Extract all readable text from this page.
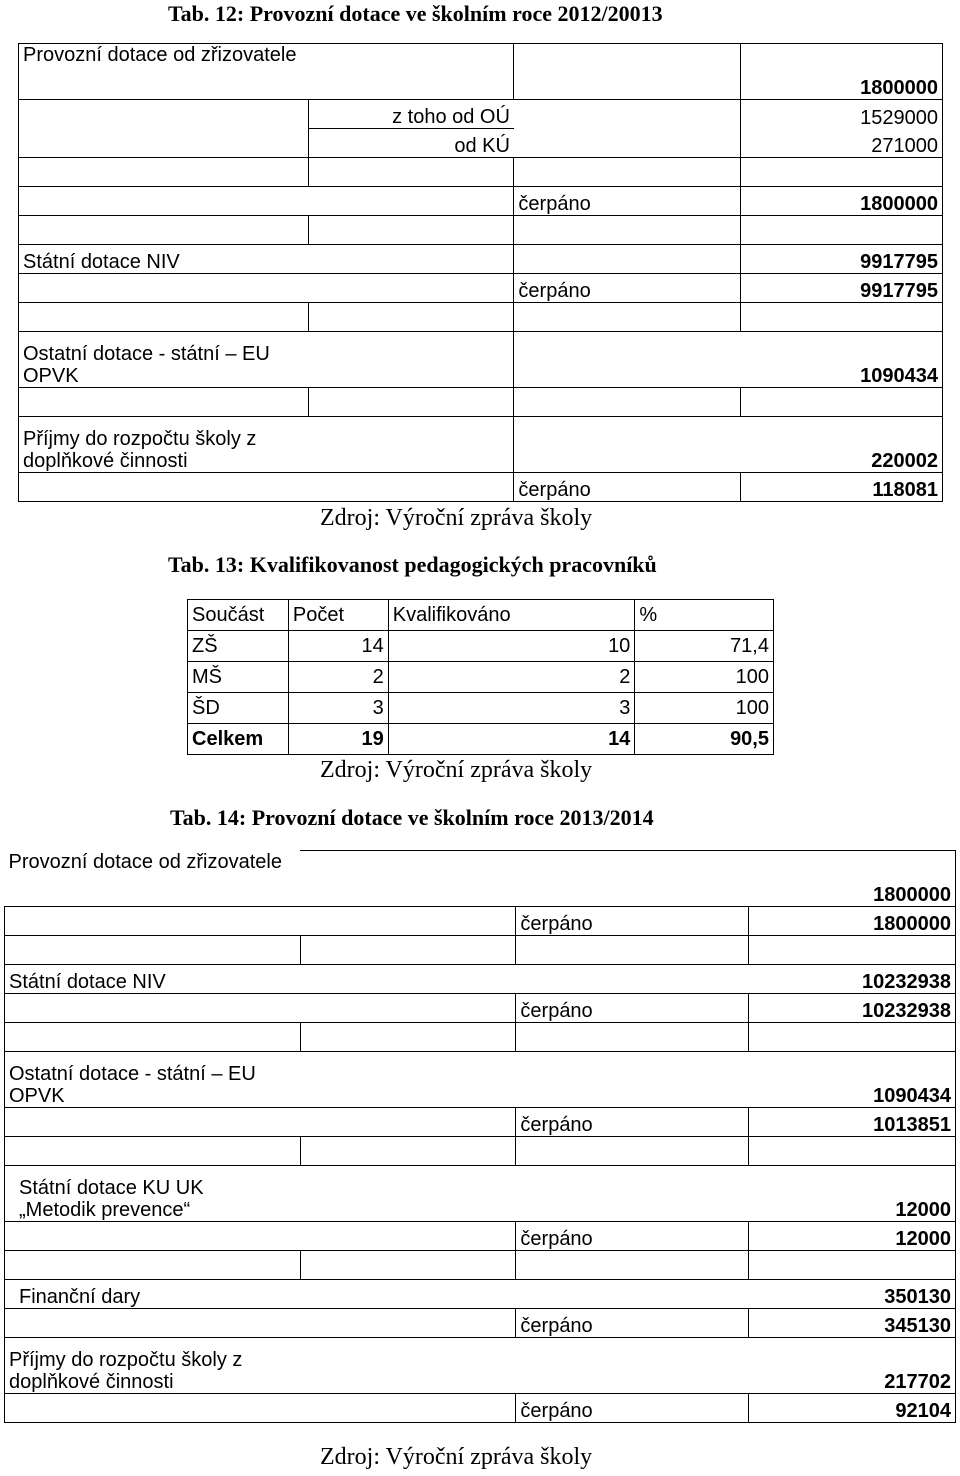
Tab. 12: Provozní dotace ve školním roce 2012/20013
Provozní dotace od zřizovatele			1800000
	z toho od OÚ		1529000
	od KÚ		271000

		čerpáno	1800000

Státní dotace NIV			9917795
		čerpáno	9917795

Ostatní dotace - státní – EU OPVK			1090434

Příjmy do rozpočtu školy z doplňkové činnosti			220002
		čerpáno	118081
Zdroj: Výroční zpráva školy
Tab. 13: Kvalifikovanost pedagogických pracovníků
Součást	Počet	Kvalifikováno	%
ZŠ	14	10	71,4
MŠ	2	2	100
ŠD	3	3	100
Celkem	19	14	90,5
Zdroj: Výroční zpráva školy
Tab. 14: Provozní dotace ve školním roce 2013/2014
Provozní dotace od zřizovatele			1800000
		čerpáno	1800000

Státní dotace NIV			10232938
		čerpáno	10232938

Ostatní dotace - státní – EU OPVK			1090434
		čerpáno	1013851

Státní dotace KU UK „Metodik prevence“			12000
		čerpáno	12000

Finanční dary			350130
		čerpáno	345130
Příjmy do rozpočtu školy z doplňkové činnosti			217702
		čerpáno	92104
Zdroj: Výroční zpráva školy
